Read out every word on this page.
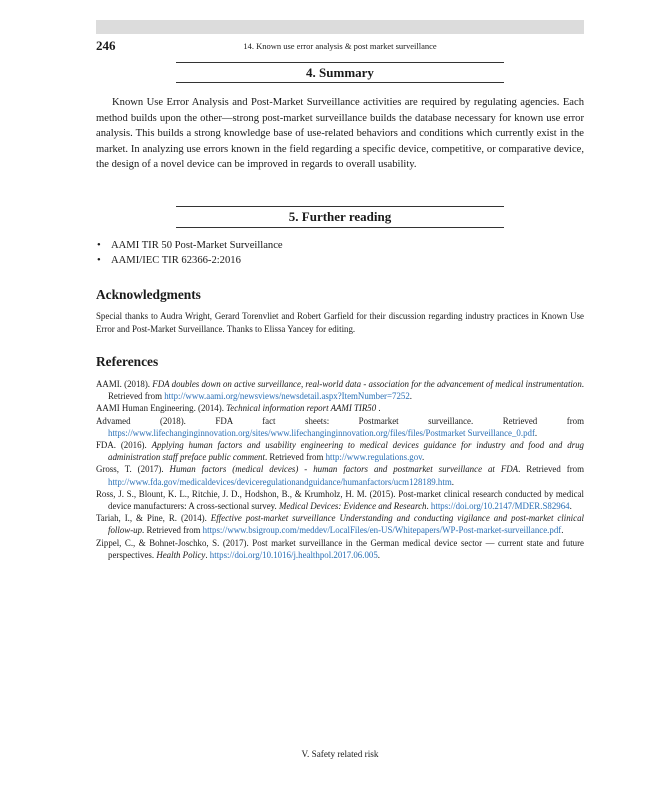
246	14. Known use error analysis & post market surveillance
4. Summary

Known Use Error Analysis and Post-Market Surveillance activities are required by regulating agencies. Each method builds upon the other—strong post-market surveillance builds the database necessary for known use error analysis. This builds a strong knowledge base of use-related behaviors and conditions which currently exist in the market. In analyzing use errors known in the field regarding a specific device, competitive, or comparative device, the design of a novel device can be improved in regards to overall usability.

5. Further reading
• AAMI TIR 50 Post-Market Surveillance
• AAMI/IEC TIR 62366-2:2016
Acknowledgments

Special thanks to Audra Wright, Gerard Torenvliet and Robert Garfield for their discussion regarding industry practices in Known Use Error and Post-Market Surveillance. Thanks to Elissa Yancey for editing.

References
AAMI. (2018). FDA doubles down on active surveillance, real-world data - association for the advancement of medical instrumentation. Retrieved from http://www.aami.org/newsviews/newsdetail.aspx?ItemNumber=7252.
AAMI Human Engineering. (2014). Technical information report AAMI TIR50 .
Advamed (2018). FDA fact sheets: Postmarket surveillance. Retrieved from https://www.lifechanginginnovation.org/sites/www.lifechanginginnovation.org/files/files/Postmarket Surveillance_0.pdf.
FDA. (2016). Applying human factors and usability engineering to medical devices guidance for industry and food and drug administration staff preface public comment. Retrieved from http://www.regulations.gov.
Gross, T. (2017). Human factors (medical devices) - human factors and postmarket surveillance at FDA. Retrieved from http://www.fda.gov/medicaldevices/deviceregulationandguidance/humanfactors/ucm128189.htm.
Ross, J. S., Blount, K. L., Ritchie, J. D., Hodshon, B., & Krumholz, H. M. (2015). Post-market clinical research conducted by medical device manufacturers: A cross-sectional survey. Medical Devices: Evidence and Research. https://doi.org/10.2147/MDER.S82964.
Tariah, I., & Pine, R. (2014). Effective post-market surveillance Understanding and conducting vigilance and post-market clinical follow-up. Retrieved from https://www.bsigroup.com/meddev/LocalFiles/en-US/Whitepapers/WP-Post-market-surveillance.pdf.
Zippel, C., & Bohnet-Joschko, S. (2017). Post market surveillance in the German medical device sector — current state and future perspectives. Health Policy. https://doi.org/10.1016/j.healthpol.2017.06.005.
V. Safety related risk
